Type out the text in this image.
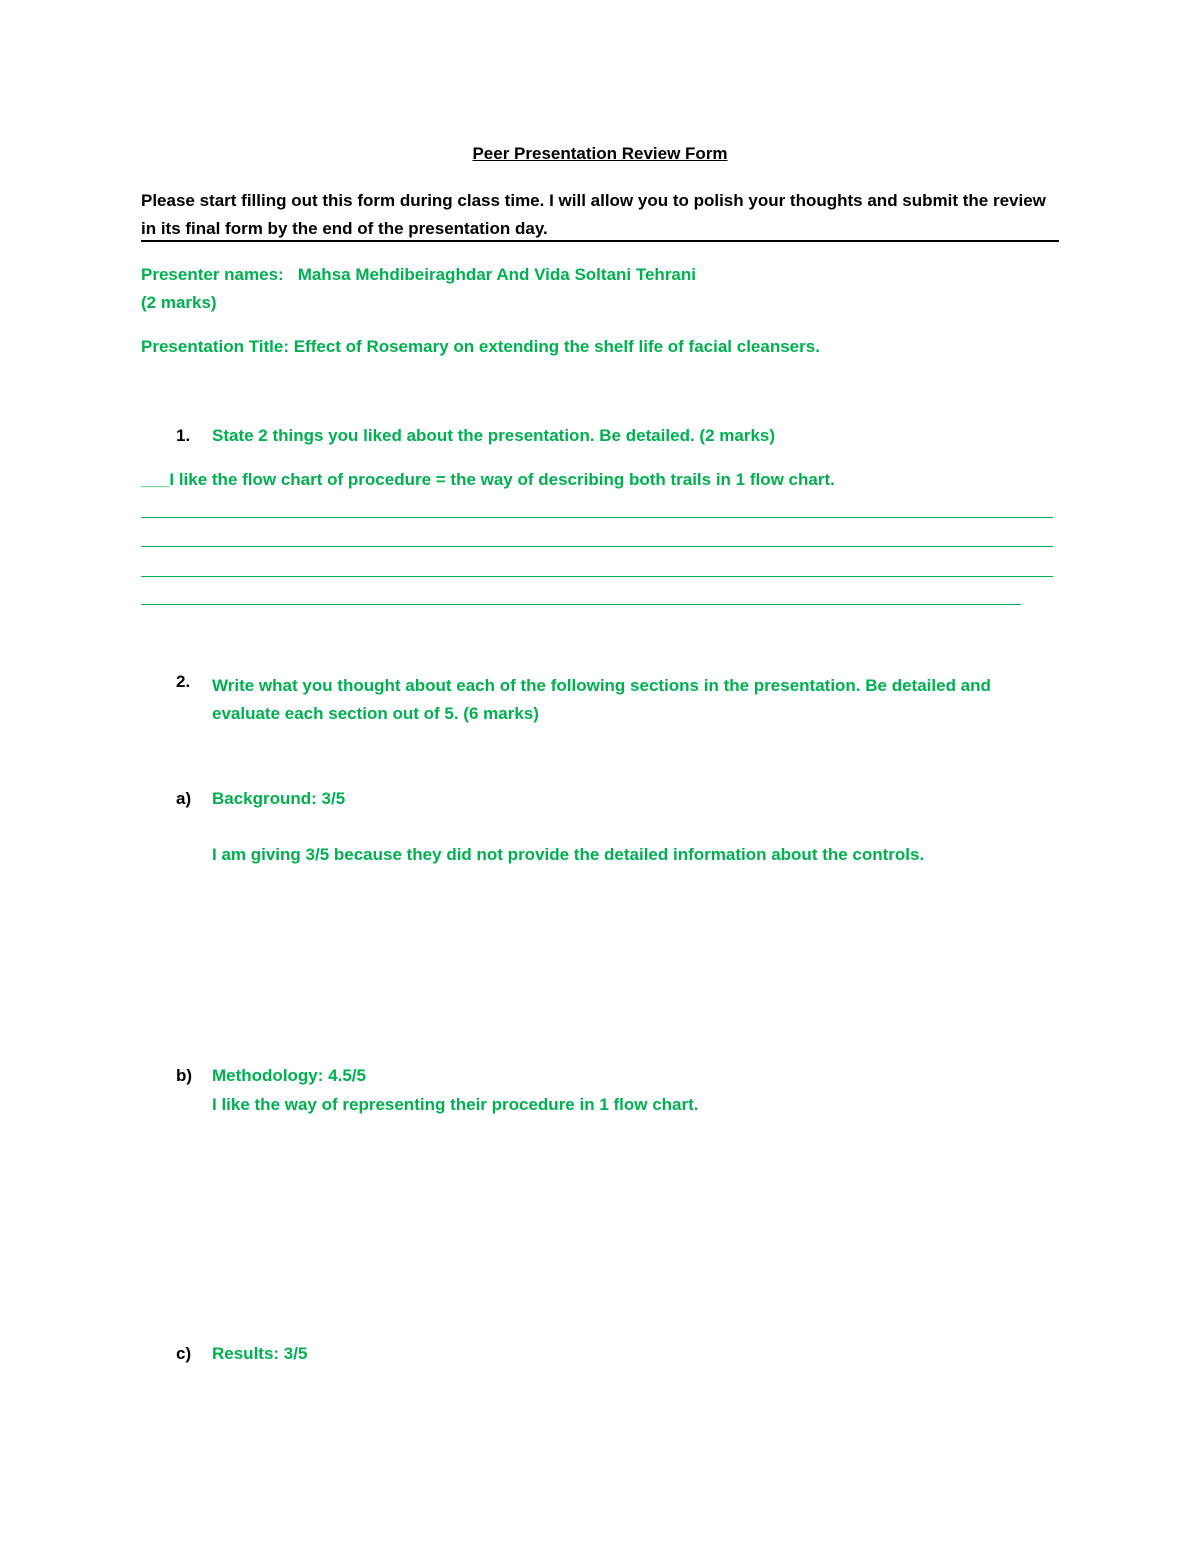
Peer Presentation Review Form
Please start filling out this form during class time. I will allow you to polish your thoughts and submit the review in its final form by the end of the presentation day.
Presenter names: Mahsa Mehdibeiraghdar And Vida Soltani Tehrani
(2 marks)
Presentation Title: Effect of Rosemary on extending the shelf life of facial cleansers.
1. State 2 things you liked about the presentation. Be detailed. (2 marks)
___I like the flow chart of procedure = the way of describing both trails in 1 flow chart.
2. Write what you thought about each of the following sections in the presentation. Be detailed and evaluate each section out of 5. (6 marks)
a) Background: 3/5
I am giving 3/5 because they did not provide the detailed information about the controls.
b) Methodology: 4.5/5
I like the way of representing their procedure in 1 flow chart.
c) Results: 3/5
